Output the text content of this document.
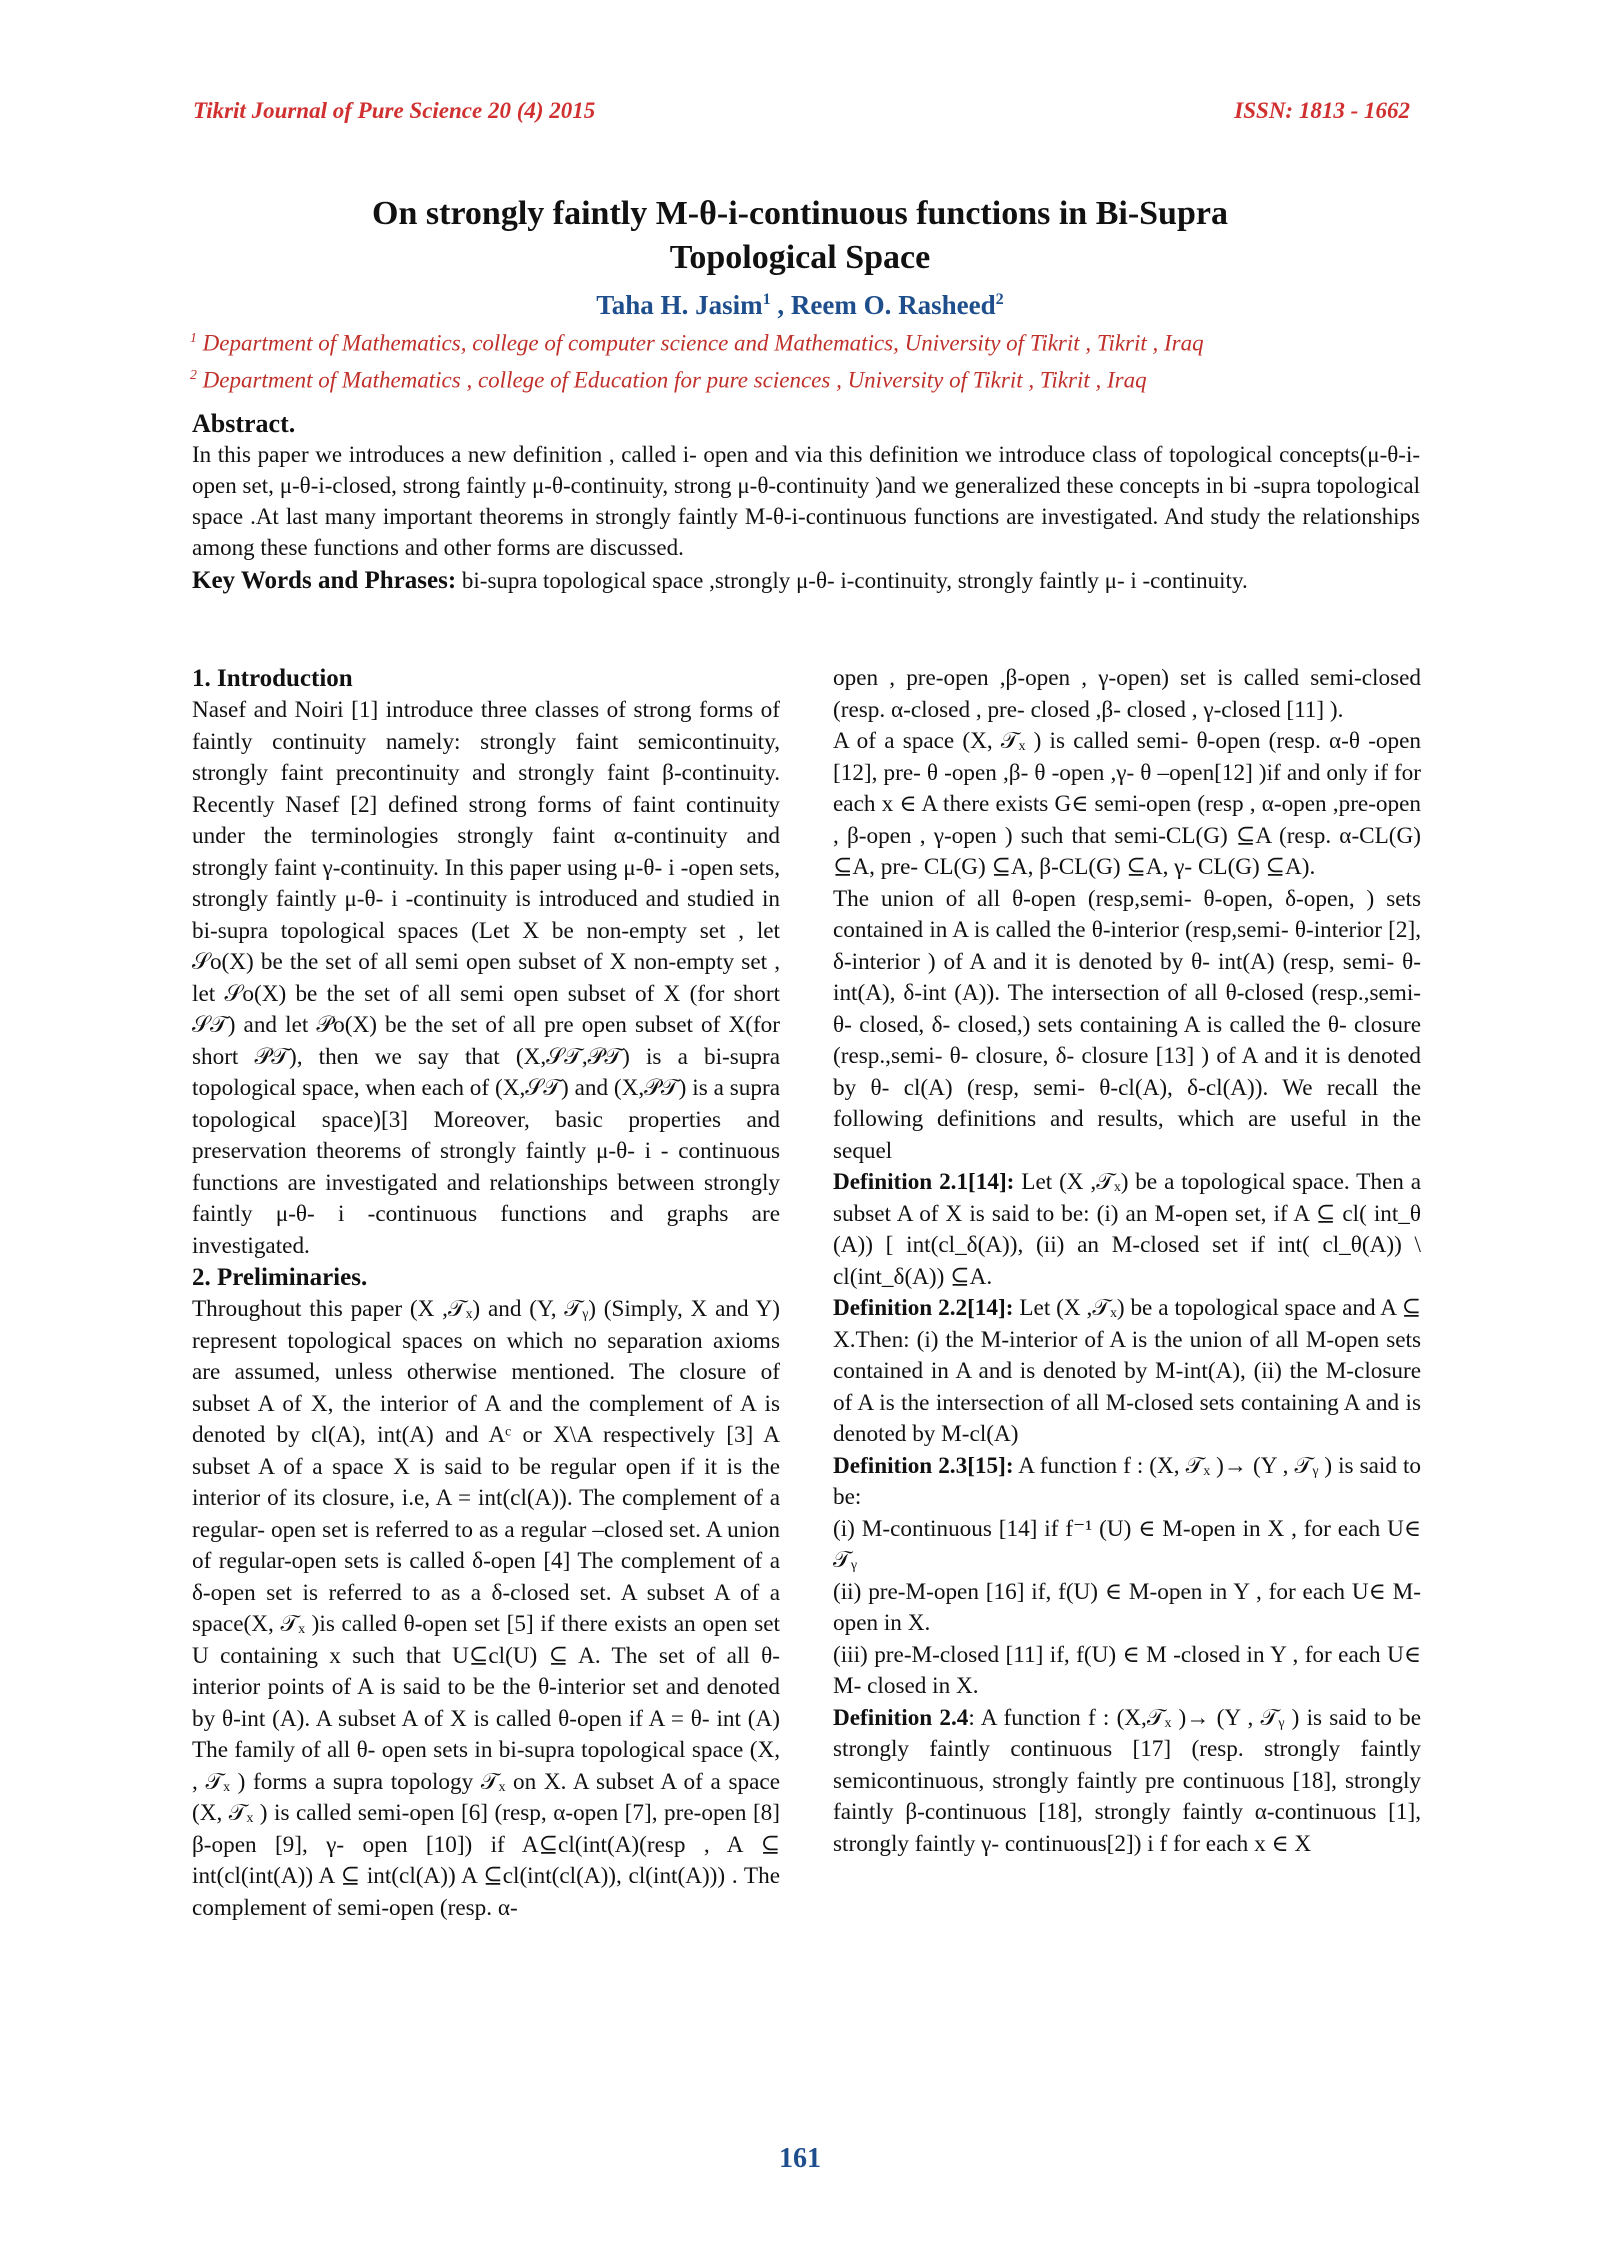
Tikrit Journal of Pure Science 20 (4) 2015	ISSN: 1813 - 1662
On strongly faintly M-θ-i-continuous functions in Bi-Supra
Topological Space
Taha H. Jasim$^1$ , Reem O. Rasheed$^2$
$^1$ Department of Mathematics, college of computer science and Mathematics, University of Tikrit , Tikrit , Iraq
$^2$ Department of Mathematics , college of Education for pure sciences , University of Tikrit , Tikrit , Iraq
Abstract.
In this paper we introduces a new definition , called i- open and via this definition we introduce class of topological concepts(μ-θ-i-open set, μ-θ-i-closed, strong faintly μ-θ-continuity, strong μ-θ-continuity )and we generalized these concepts in bi -supra topological space .At last many important theorems in strongly faintly M-θ-i-continuous functions are investigated. And study the relationships among these functions and other forms are discussed.
Key Words and Phrases: bi-supra topological space ,strongly μ-θ- i-continuity, strongly faintly μ- i -continuity.
1. Introduction

Nasef and Noiri [1] introduce three classes of strong forms of faintly continuity namely: strongly faint semicontinuity, strongly faint precontinuity and strongly faint β-continuity. Recently Nasef [2] defined strong forms of faint continuity under the terminologies strongly faint α-continuity and strongly faint γ-continuity. In this paper using μ-θ- i -open sets, strongly faintly μ-θ- i -continuity is introduced and studied in bi-supra topological spaces (Let X be non-empty set , let 𝒮o(X) be the set of all semi open subset of X non-empty set , let 𝒮o(X) be the set of all semi open subset of X (for short 𝒮𝒯) and let 𝒫o(X) be the set of all pre open subset of X(for short 𝒫𝒯), then we say that (X,𝒮𝒯,𝒫𝒯) is a bi-supra topological space, when each of (X,𝒮𝒯) and (X,𝒫𝒯) is a supra topological space)[3] Moreover, basic properties and preservation theorems of strongly faintly μ-θ- i - continuous functions are investigated and relationships between strongly faintly μ-θ- i -continuous functions and graphs are investigated.

2. Preliminaries.

Throughout this paper (X ,𝒯ₓ) and (Y, 𝒯ᵧ) (Simply, X and Y) represent topological spaces on which no separation axioms are assumed, unless otherwise mentioned. The closure of subset A of X, the interior of A and the complement of A is denoted by cl(A), int(A) and Aᶜ or X\A respectively [3] A subset A of a space X is said to be regular open if it is the interior of its closure, i.e, A = int(cl(A)). The complement of a regular- open set is referred to as a regular –closed set. A union of regular-open sets is called δ-open [4] The complement of a δ-open set is referred to as a δ-closed set. A subset A of a space(X, 𝒯ₓ )is called θ-open set [5] if there exists an open set U containing x such that U⊆cl(U) ⊆ A. The set of all θ-interior points of A is said to be the θ-interior set and denoted by θ-int (A). A subset A of X is called θ-open if A = θ- int (A) The family of all θ- open sets in bi-supra topological space (X, , 𝒯ₓ ) forms a supra topology 𝒯ₓ on X. A subset A of a space (X, 𝒯ₓ ) is called semi-open [6] (resp, α-open [7], pre-open [8] β-open [9], γ- open [10]) if A⊆cl(int(A)(resp , A ⊆ int(cl(int(A)) A ⊆ int(cl(A)) A ⊆cl(int(cl(A)), cl(int(A))) . The complement of semi-open (resp. α-

open , pre-open ,β-open , γ-open) set is called semi-closed (resp. α-closed , pre- closed ,β- closed , γ-closed [11] ).

A of a space (X, 𝒯ₓ ) is called semi- θ-open (resp. α-θ -open [12], pre- θ -open ,β- θ -open ,γ- θ –open[12] )if and only if for each x ∈ A there exists G∈ semi-open (resp , α-open ,pre-open , β-open , γ-open ) such that semi-CL(G) ⊆A (resp. α-CL(G) ⊆A, pre- CL(G) ⊆A, β-CL(G) ⊆A, γ- CL(G) ⊆A).

The union of all θ-open (resp,semi- θ-open, δ-open, ) sets contained in A is called the θ-interior (resp,semi- θ-interior [2], δ-interior ) of A and it is denoted by θ- int(A) (resp, semi- θ-int(A), δ-int (A)). The intersection of all θ-closed (resp.,semi- θ- closed, δ- closed,) sets containing A is called the θ- closure (resp.,semi- θ- closure, δ- closure [13] ) of A and it is denoted by θ- cl(A) (resp, semi- θ-cl(A), δ-cl(A)). We recall the following definitions and results, which are useful in the sequel

Definition 2.1[14]: Let (X ,𝒯ₓ) be a topological space. Then a subset A of X is said to be: (i) an M-open set, if A ⊆ cl( int_θ (A)) [ int(cl_δ(A)), (ii) an M-closed set if int( cl_θ(A)) \ cl(int_δ(A)) ⊆A.

Definition 2.2[14]: Let (X ,𝒯ₓ) be a topological space and A ⊆ X.Then: (i) the M-interior of A is the union of all M-open sets contained in A and is denoted by M-int(A), (ii) the M-closure of A is the intersection of all M-closed sets containing A and is denoted by M-cl(A)

Definition 2.3[15]: A function f : (X, 𝒯ₓ )→ (Y , 𝒯ᵧ ) is said to be:

(i) M-continuous [14] if f⁻¹ (U) ∈ M-open in X , for each U∈ 𝒯ᵧ

(ii) pre-M-open [16] if, f(U) ∈ M-open in Y , for each U∈ M- open in X.

(iii) pre-M-closed [11] if, f(U) ∈ M -closed in Y , for each U∈ M- closed in X.

Definition 2.4: A function f : (X,𝒯ₓ )→ (Y , 𝒯ᵧ ) is said to be strongly faintly continuous [17] (resp. strongly faintly semicontinuous, strongly faintly pre continuous [18], strongly faintly β-continuous [18], strongly faintly α-continuous [1], strongly faintly γ- continuous[2]) i f for each x ∈ X

161
